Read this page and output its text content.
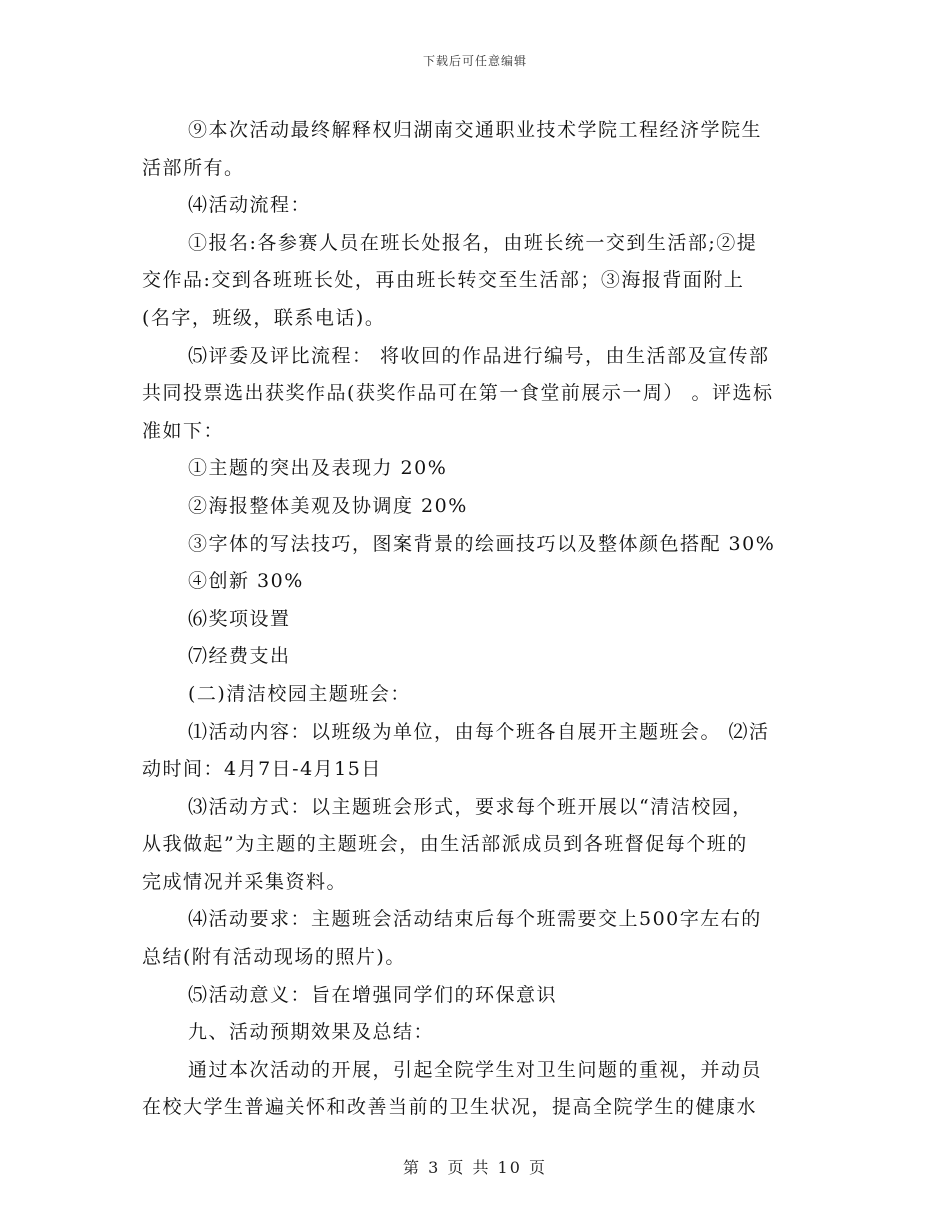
下载后可任意编辑
⑨本次活动最终解释权归湖南交通职业技术学院工程经济学院生
活部所有。
⑷活动流程：
①报名:各参赛人员在班长处报名，由班长统一交到生活部;②提
交作品:交到各班班长处，再由班长转交至生活部；③海报背面附上
(名字，班级，联系电话)。
⑸评委及评比流程： 将收回的作品进行编号，由生活部及宣传部
共同投票选出获奖作品(获奖作品可在第一食堂前展示一周） 。评选标
准如下：
①主题的突出及表现力 20%
②海报整体美观及协调度 20%
③字体的写法技巧，图案背景的绘画技巧以及整体颜色搭配 30%
④创新 30%
⑹奖项设置
⑺经费支出
(二)清洁校园主题班会：
⑴活动内容：以班级为单位，由每个班各自展开主题班会。 ⑵活
动时间：4月7日-4月15日
⑶活动方式：以主题班会形式，要求每个班开展以“清洁校园，
从我做起”为主题的主题班会，由生活部派成员到各班督促每个班的
完成情况并采集资料。
⑷活动要求：主题班会活动结束后每个班需要交上500字左右的
总结(附有活动现场的照片)。
⑸活动意义：旨在增强同学们的环保意识
九、活动预期效果及总结：
通过本次活动的开展，引起全院学生对卫生问题的重视，并动员
在校大学生普遍关怀和改善当前的卫生状况，提高全院学生的健康水
第 3 页 共 10 页
